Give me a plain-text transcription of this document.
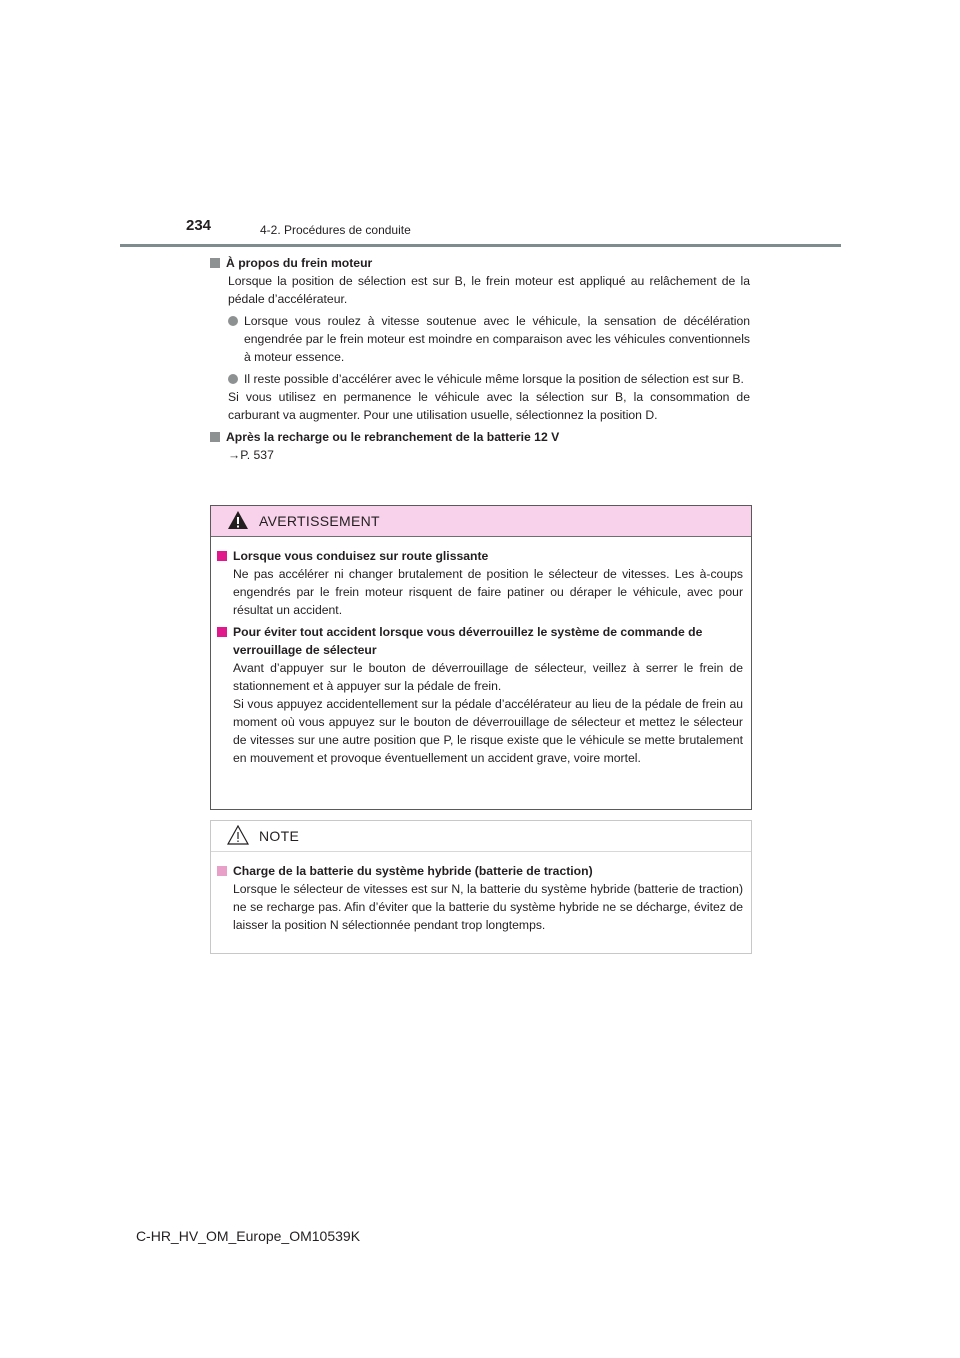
234	4-2. Procédures de conduite
À propos du frein moteur

Lorsque la position de sélection est sur B, le frein moteur est appliqué au relâchement de la pédale d’accélérateur.

Lorsque vous roulez à vitesse soutenue avec le véhicule, la sensation de décélération engendrée par le frein moteur est moindre en comparaison avec les véhicules conventionnels à moteur essence.
Il reste possible d’accélérer avec le véhicule même lorsque la position de sélection est sur B.

Si vous utilisez en permanence le véhicule avec la sélection sur B, la consommation de carburant va augmenter. Pour une utilisation usuelle, sélectionnez la position D.

Après la recharge ou le rebranchement de la batterie 12 V

→P. 537

AVERTISSEMENT
Lorsque vous conduisez sur route glissante

Ne pas accélérer ni changer brutalement de position le sélecteur de vitesses. Les à-coups engendrés par le frein moteur risquent de faire patiner ou déraper le véhicule, avec pour résultat un accident.

Pour éviter tout accident lorsque vous déverrouillez le système de commande de verrouillage de sélecteur

Avant d’appuyer sur le bouton de déverrouillage de sélecteur, veillez à serrer le frein de stationnement et à appuyer sur la pédale de frein.

Si vous appuyez accidentellement sur la pédale d’accélérateur au lieu de la pédale de frein au moment où vous appuyez sur le bouton de déverrouillage de sélecteur et mettez le sélecteur de vitesses sur une autre position que P, le risque existe que le véhicule se mette brutalement en mouvement et provoque éventuellement un accident grave, voire mortel.

NOTE
Charge de la batterie du système hybride (batterie de traction)

Lorsque le sélecteur de vitesses est sur N, la batterie du système hybride (batterie de traction) ne se recharge pas. Afin d’éviter que la batterie du système hybride ne se décharge, évitez de laisser la position N sélectionnée pendant trop longtemps.

C-HR_HV_OM_Europe_OM10539K
